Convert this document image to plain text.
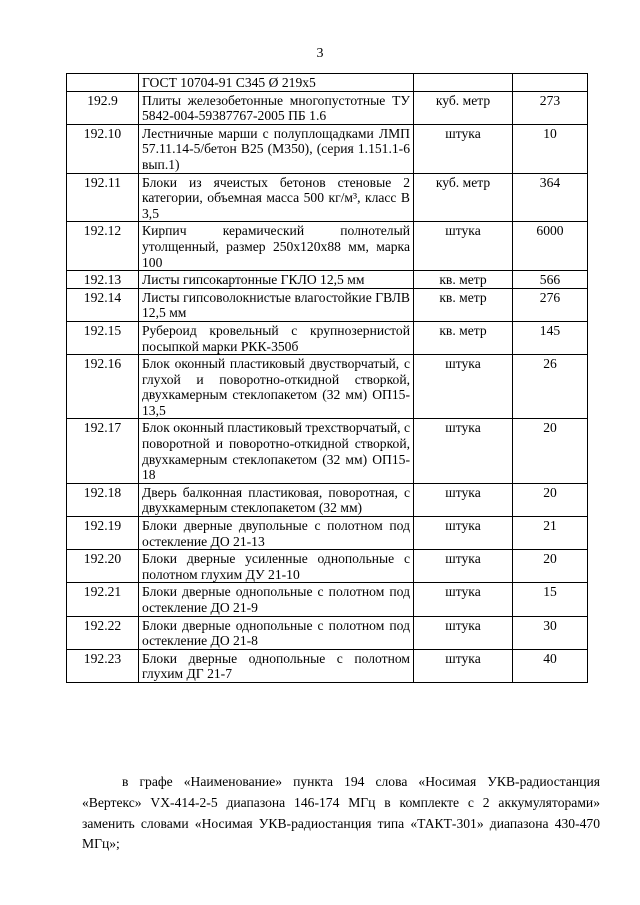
3
	ГОСТ 10704-91 С345 Ø 219х5		
192.9	Плиты железобетонные многопустотные ТУ 5842-004-59387767-2005 ПБ 1.6	куб. метр	273
192.10	Лестничные марши с полуплощадками ЛМП 57.11.14-5/бетон В25 (М350), (серия 1.151.1-6 вып.1)	штука	10
192.11	Блоки из ячеистых бетонов стеновые 2 категории, объемная масса 500 кг/м³, класс В 3,5	куб. метр	364
192.12	Кирпич керамический полнотелый утолщенный, размер 250х120х88 мм, марка 100	штука	6000
192.13	Листы гипсокартонные ГКЛО 12,5 мм	кв. метр	566
192.14	Листы гипсоволокнистые влагостойкие ГВЛВ 12,5 мм	кв. метр	276
192.15	Рубероид кровельный с крупнозернистой посыпкой марки РКК-350б	кв. метр	145
192.16	Блок оконный пластиковый двустворчатый, с глухой и поворотно-откидной створкой, двухкамерным стеклопакетом (32 мм) ОП15-13,5	штука	26
192.17	Блок оконный пластиковый трехстворчатый, с поворотной и поворотно-откидной створкой, двухкамерным стеклопакетом (32 мм) ОП15-18	штука	20
192.18	Дверь балконная пластиковая, поворотная, с двухкамерным стеклопакетом (32 мм)	штука	20
192.19	Блоки дверные двупольные с полотном под остекление ДО 21-13	штука	21
192.20	Блоки дверные усиленные однопольные с полотном глухим ДУ 21-10	штука	20
192.21	Блоки дверные однопольные с полотном под остекление ДО 21-9	штука	15
192.22	Блоки дверные однопольные с полотном под остекление ДО 21-8	штука	30
192.23	Блоки дверные однопольные с полотном глухим ДГ 21-7	штука	40
в графе «Наименование» пункта 194 слова «Носимая УКВ-радиостанция «Вертекс» VX-414-2-5 диапазона 146-174 МГц в комплекте с 2 аккумуляторами» заменить словами «Носимая УКВ-радиостанция типа «ТАКТ-301» диапазона 430-470 МГц»;
